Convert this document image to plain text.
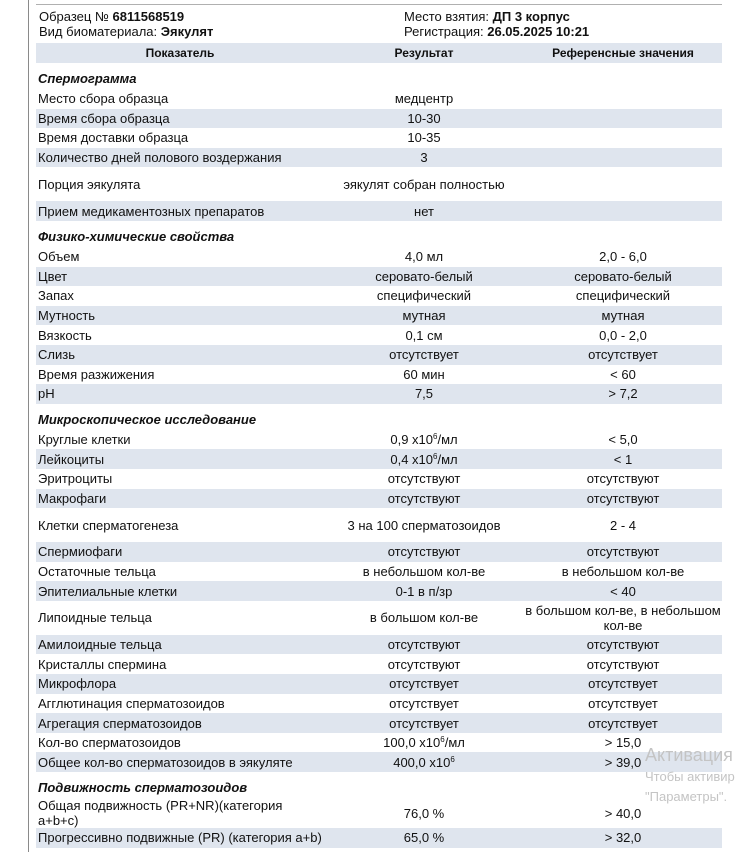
Образец № 6811568519
Вид биоматериала: Эякулят
Место взятия: ДП 3 корпус
Регистрация: 26.05.2025 10:21
Показатель	Результат	Референсные значения
Спермограмма		
Место сбора образца	медцентр	
Время сбора образца	10-30	
Время доставки образца	10-35	
Количество дней полового воздержания	3	
Порция эякулята	эякулят собран полностью	
Прием медикаментозных препаратов	нет	
Физико-химические свойства		
Объем	4,0 мл	2,0 - 6,0
Цвет	серовато-белый	серовато-белый
Запах	специфический	специфический
Мутность	мутная	мутная
Вязкость	0,1 см	0,0 - 2,0
Слизь	отсутствует	отсутствует
Время разжижения	60 мин	< 60
pH	7,5	> 7,2
Микроскопическое исследование		
Круглые клетки	0,9 $x10^6/мл$	< 5,0
Лейкоциты	0,4 $x10^6/мл$	< 1
Эритроциты	отсутствуют	отсутствуют
Макрофаги	отсутствуют	отсутствуют
Клетки сперматогенеза	3 на 100 сперматозоидов	2 - 4
Спермиофаги	отсутствуют	отсутствуют
Остаточные тельца	в небольшом кол-ве	в небольшом кол-ве
Эпителиальные клетки	0-1 в п/зр	< 40
Липоидные тельца	в большом кол-ве	в большом кол-ве, в небольшом кол-ве
Амилоидные тельца	отсутствуют	отсутствуют
Кристаллы спермина	отсутствуют	отсутствуют
Микрофлора	отсутствует	отсутствует
Агглютинация сперматозоидов	отсутствует	отсутствует
Агрегация сперматозоидов	отсутствует	отсутствует
Кол-во сперматозоидов	100,0 $x10^6/мл$	> 15,0
Общее кол-во сперматозоидов в эякуляте	400,0 $x10^6$	> 39,0
Подвижность сперматозоидов		
Общая подвижность (PR+NR)(категория a+b+c)	76,0 %	> 40,0
Прогрессивно подвижные (PR) (категория a+b)	65,0 %	> 32,0
Активация
Чтобы активир
"Параметры".
